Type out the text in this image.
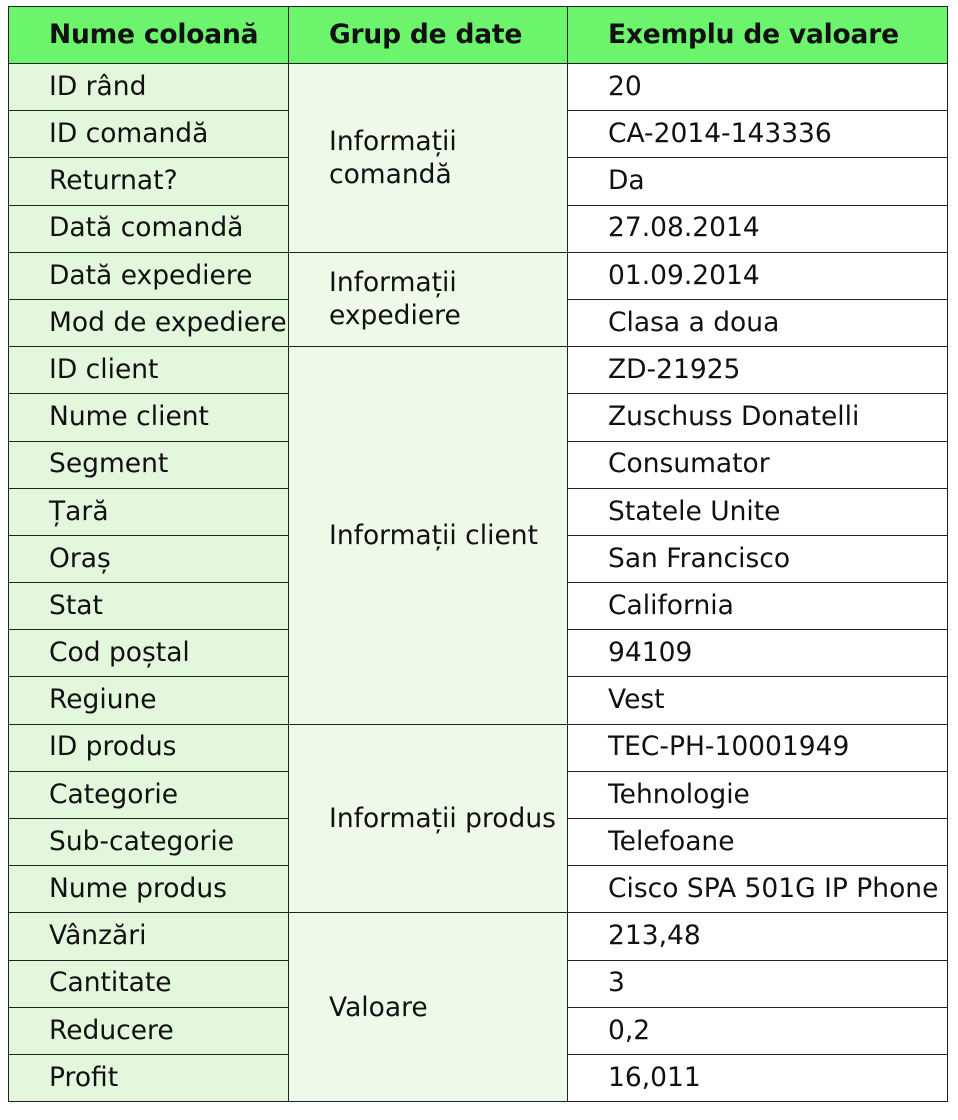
Nume coloană	Grup de date	Exemplu de valoare
ID rând	Informații comandă	20
ID comandă		CA-2014-143336
Returnat?		Da
Dată comandă		27.08.2014
Dată expediere	Informații expediere	01.09.2014
Mod de expediere		Clasa a doua
ID client	Informații client	ZD-21925
Nume client		Zuschuss Donatelli
Segment		Consumator
Țară		Statele Unite
Oraș		San Francisco
Stat		California
Cod poștal		94109
Regiune		Vest
ID produs	Informații produs	TEC-PH-10001949
Categorie		Tehnologie
Sub-categorie		Telefoane
Nume produs		Cisco SPA 501G IP Phone
Vânzări	Valoare	213,48
Cantitate		3
Reducere		0,2
Profit		16,011
